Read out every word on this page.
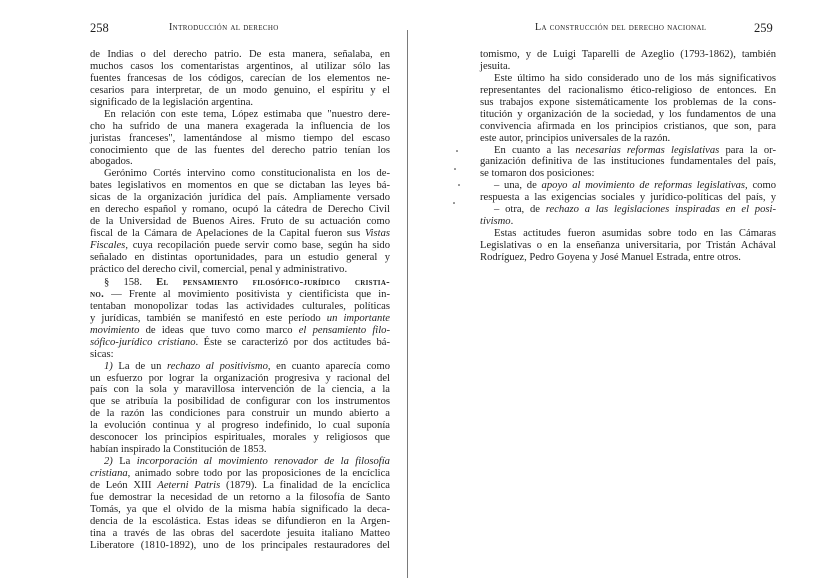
258	Introducción al derecho
de Indias o del derecho patrio. De esta manera, señalaba, en
muchos casos los comentaristas argentinos, al utilizar sólo las
fuentes francesas de los códigos, carecían de los elementos ne-
cesarios para interpretar, de un modo genuino, el espíritu y el
significado de la legislación argentina.
En relación con este tema, López estimaba que "nuestro dere-
cho ha sufrido de una manera exagerada la influencia de los
juristas franceses", lamentándose al mismo tiempo del escaso
conocimiento que de las fuentes del derecho patrio tenían los
abogados.
Gerónimo Cortés intervino como constitucionalista en los de-
bates legislativos en momentos en que se dictaban las leyes bá-
sicas de la organización jurídica del país. Ampliamente versado
en derecho español y romano, ocupó la cátedra de Derecho Civil
de la Universidad de Buenos Aires. Fruto de su actuación como
fiscal de la Cámara de Apelaciones de la Capital fueron sus Vistas
Fiscales, cuya recopilación puede servir como base, según ha sido
señalado en distintas oportunidades, para un estudio general y
práctico del derecho civil, comercial, penal y administrativo.
§ 158. El pensamiento filosófico-jurídico cristia-
no. — Frente al movimiento positivista y cientificista que in-
tentaban monopolizar todas las actividades culturales, políticas
y jurídicas, también se manifestó en este período un importante
movimiento de ideas que tuvo como marco el pensamiento filo-
sófico-jurídico cristiano. Éste se caracterizó por dos actitudes bá-
sicas:
1) La de un rechazo al positivismo, en cuanto aparecía como
un esfuerzo por lograr la organización progresiva y racional del
país con la sola y maravillosa intervención de la ciencia, a la
que se atribuía la posibilidad de configurar con los instrumentos
de la razón las condiciones para construir un mundo abierto a
la evolución continua y al progreso indefinido, lo cual suponía
desconocer los principios espirituales, morales y religiosos que
habían inspirado la Constitución de 1853.
2) La incorporación al movimiento renovador de la filosofía
cristiana, animado sobre todo por las proposiciones de la encíclica
de León XIII Aeterni Patris (1879). La finalidad de la encíclica
fue demostrar la necesidad de un retorno a la filosofía de Santo
Tomás, ya que el olvido de la misma había significado la deca-
dencia de la escolástica. Estas ideas se difundieron en la Argen-
tina a través de las obras del sacerdote jesuita italiano Matteo
Liberatore (1810-1892), uno de los principales restauradores del
La construcción del derecho nacional	259
tomismo, y de Luigi Taparelli de Azeglio (1793-1862), también
jesuita.
Este último ha sido considerado uno de los más significativos
representantes del racionalismo ético-religioso de entonces. En
sus trabajos expone sistemáticamente los problemas de la cons-
titución y organización de la sociedad, y los fundamentos de una
convivencia afirmada en los principios cristianos, que son, para
este autor, principios universales de la razón.
En cuanto a las necesarias reformas legislativas para la or-
ganización definitiva de las instituciones fundamentales del país,
se tomaron dos posiciones:
– una, de apoyo al movimiento de reformas legislativas, como
respuesta a las exigencias sociales y jurídico-políticas del país, y
– otra, de rechazo a las legislaciones inspiradas en el posi-
tivismo.
Estas actitudes fueron asumidas sobre todo en las Cámaras
Legislativas o en la enseñanza universitaria, por Tristán Achával
Rodríguez, Pedro Goyena y José Manuel Estrada, entre otros.
